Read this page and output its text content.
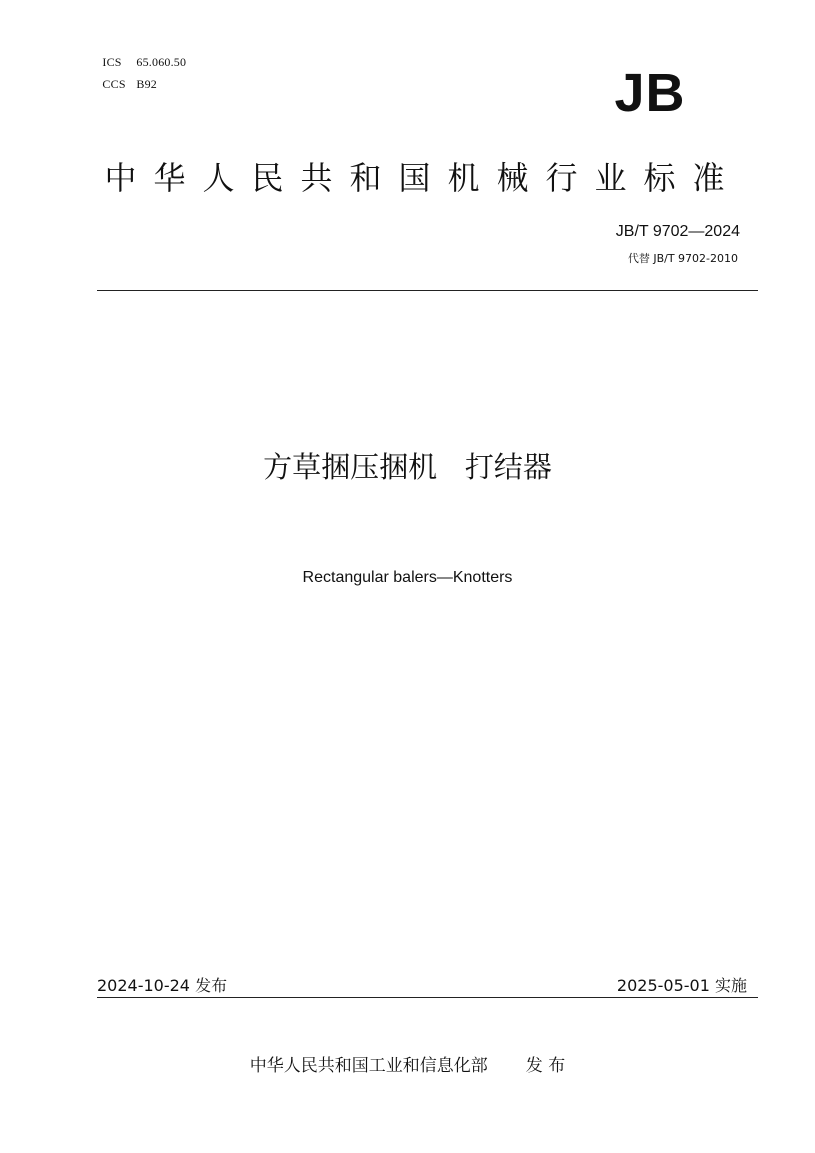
ICS 65.060.50

CCS B92	JB
中华人民共和国机械行业标准
JB/T 9702—2024
代替 JB/T 9702-2010
方草捆压捆机 打结器
Rectangular balers—Knotters
2024-10-24 发布	2025-05-01 实施
中华人民共和国工业和信息化部 发 布
